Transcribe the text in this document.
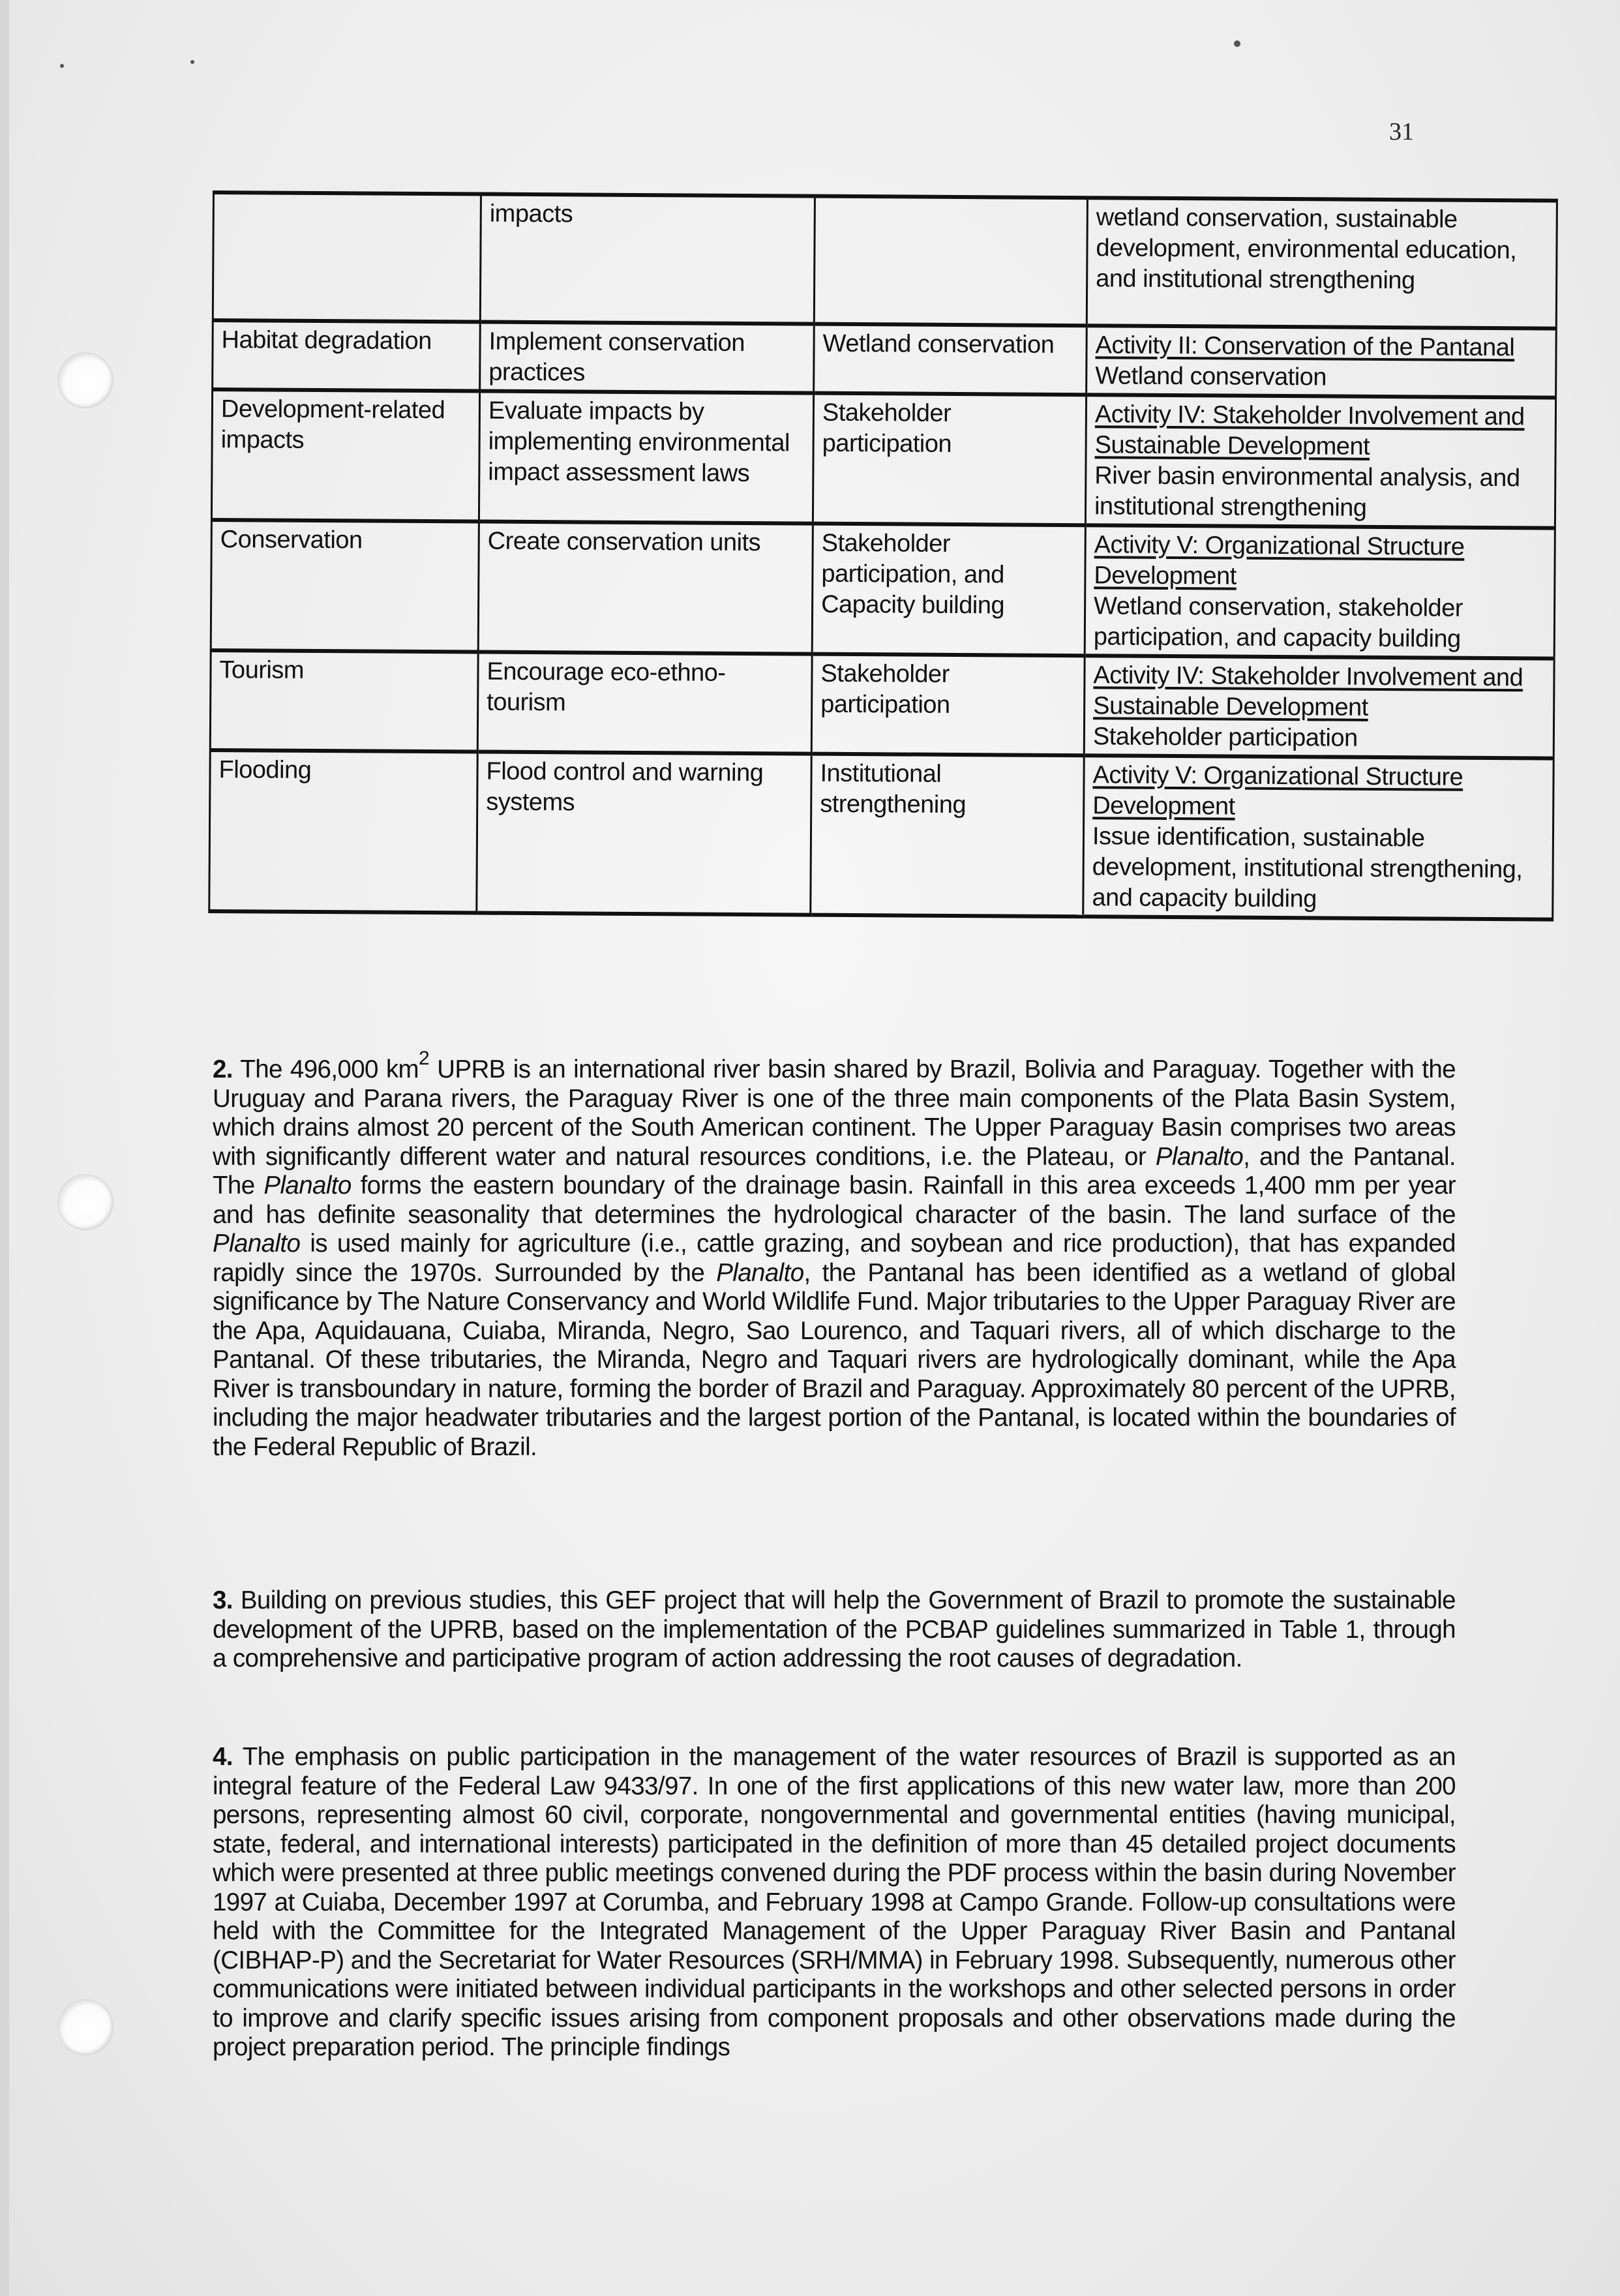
31
	impacts		wetland conservation, sustainable development, environmental education, and institutional strengthening

Habitat degradation	Implement conservation practices	Wetland conservation	Activity II: Conservation of the Pantanal
Wetland conservation

Development-related impacts	Evaluate impacts by implementing environmental impact assessment laws	Stakeholder participation	Activity IV: Stakeholder Involvement and Sustainable Development
River basin environmental analysis, and institutional strengthening

Conservation	Create conservation units	Stakeholder participation, and Capacity building	Activity V: Organizational Structure Development
Wetland conservation, stakeholder participation, and capacity building

Tourism	Encourage eco-ethno-tourism	Stakeholder participation	Activity IV: Stakeholder Involvement and Sustainable Development
Stakeholder participation

Flooding	Flood control and warning systems	Institutional strengthening	Activity V: Organizational Structure Development
Issue identification, sustainable development, institutional strengthening, and capacity building

2. The 496,000 $km^2$ UPRB is an international river basin shared by Brazil, Bolivia and Paraguay. Together with the Uruguay and Parana rivers, the Paraguay River is one of the three main components of the Plata Basin System, which drains almost 20 percent of the South American continent. The Upper Paraguay Basin comprises two areas with significantly different water and natural resources conditions, i.e. the Plateau, or Planalto, and the Pantanal. The Planalto forms the eastern boundary of the drainage basin. Rainfall in this area exceeds 1,400 mm per year and has definite seasonality that determines the hydrological character of the basin. The land surface of the Planalto is used mainly for agriculture (i.e., cattle grazing, and soybean and rice production), that has expanded rapidly since the 1970s. Surrounded by the Planalto, the Pantanal has been identified as a wetland of global significance by The Nature Conservancy and World Wildlife Fund. Major tributaries to the Upper Paraguay River are the Apa, Aquidauana, Cuiaba, Miranda, Negro, Sao Lourenco, and Taquari rivers, all of which discharge to the Pantanal. Of these tributaries, the Miranda, Negro and Taquari rivers are hydrologically dominant, while the Apa River is transboundary in nature, forming the border of Brazil and Paraguay. Approximately 80 percent of the UPRB, including the major headwater tributaries and the largest portion of the Pantanal, is located within the boundaries of the Federal Republic of Brazil.

3. Building on previous studies, this GEF project that will help the Government of Brazil to promote the sustainable development of the UPRB, based on the implementation of the PCBAP guidelines summarized in Table 1, through a comprehensive and participative program of action addressing the root causes of degradation.

4. The emphasis on public participation in the management of the water resources of Brazil is supported as an integral feature of the Federal Law 9433/97. In one of the first applications of this new water law, more than 200 persons, representing almost 60 civil, corporate, nongovernmental and governmental entities (having municipal, state, federal, and international interests) participated in the definition of more than 45 detailed project documents which were presented at three public meetings convened during the PDF process within the basin during November 1997 at Cuiaba, December 1997 at Corumba, and February 1998 at Campo Grande. Follow-up consultations were held with the Committee for the Integrated Management of the Upper Paraguay River Basin and Pantanal (CIBHAP-P) and the Secretariat for Water Resources (SRH/MMA) in February 1998. Subsequently, numerous other communications were initiated between individual participants in the workshops and other selected persons in order to improve and clarify specific issues arising from component proposals and other observations made during the project preparation period. The principle findings
